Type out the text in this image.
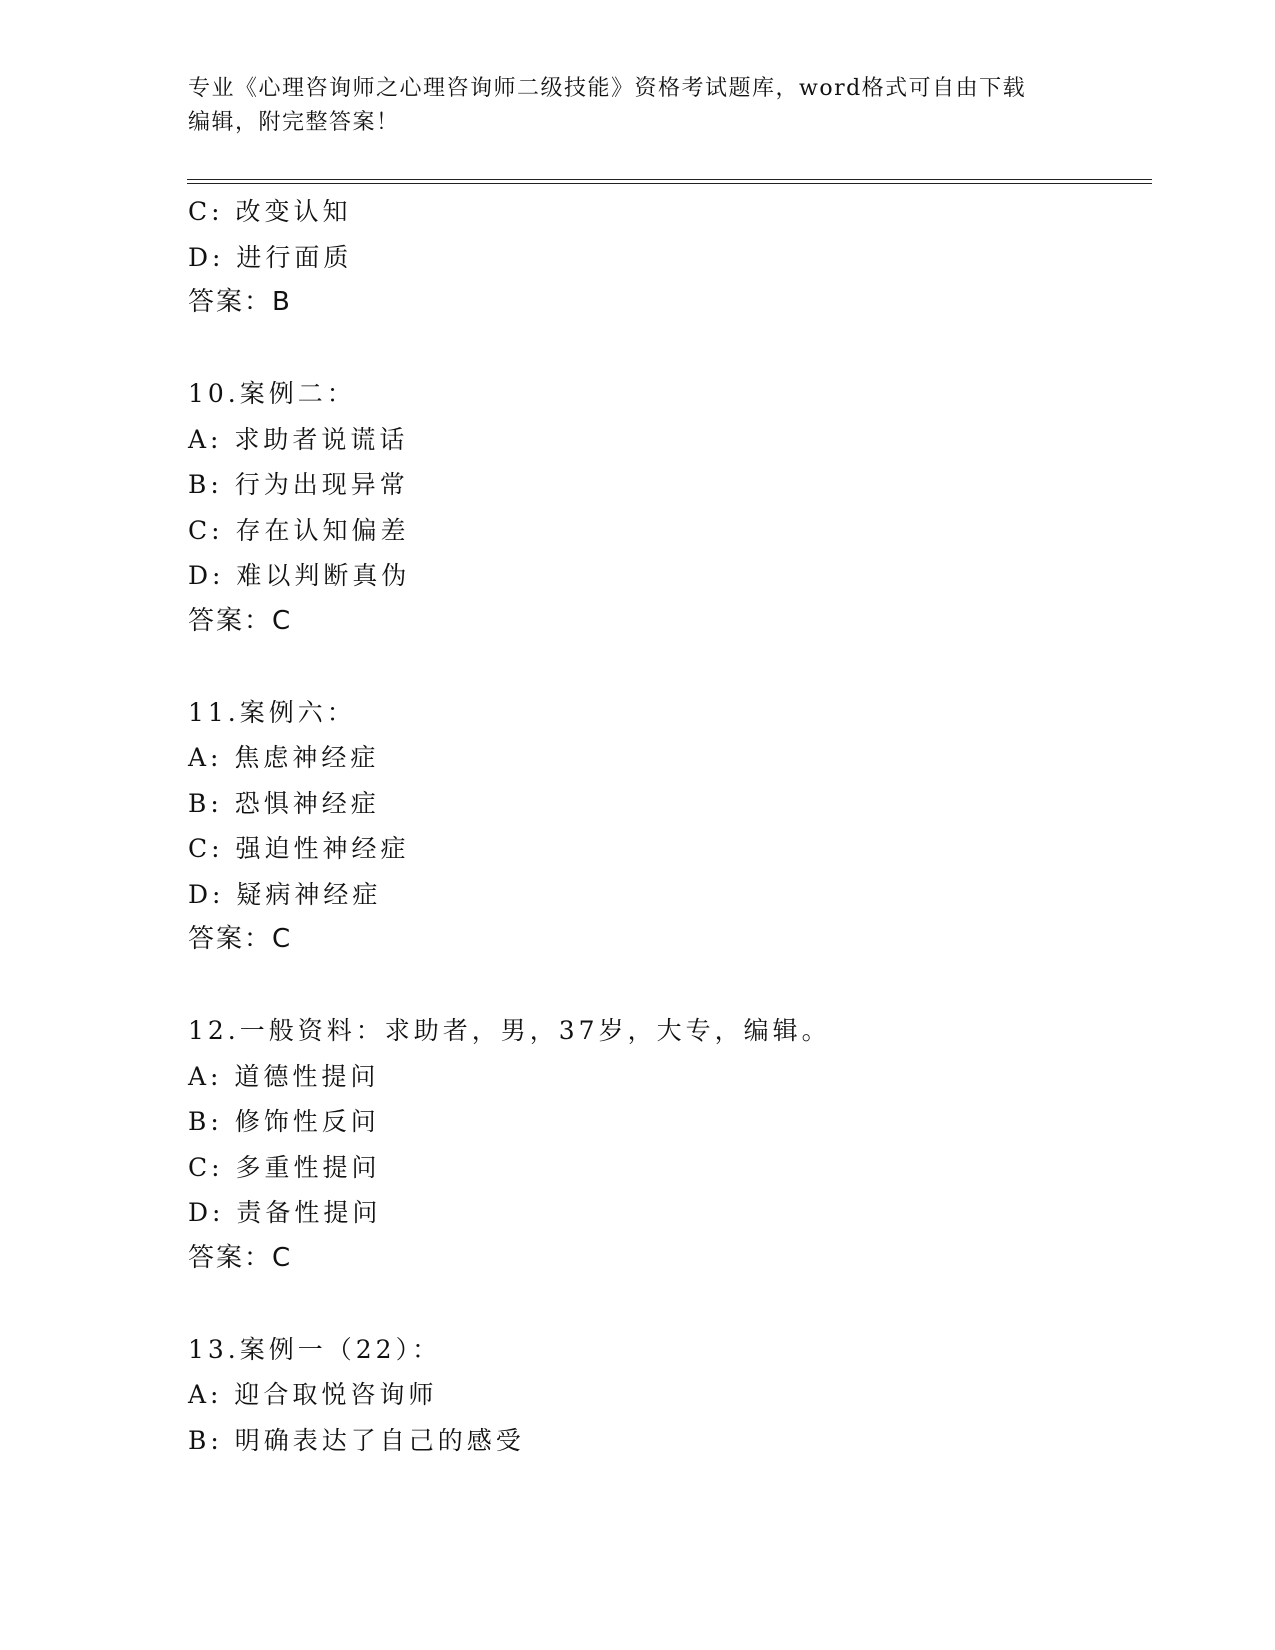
专业《心理咨询师之心理咨询师二级技能》资格考试题库，word格式可自由下载
编辑，附完整答案！
C: 改变认知
D: 进行面质
答案：B
10.案例二：
A: 求助者说谎话
B: 行为出现异常
C: 存在认知偏差
D: 难以判断真伪
答案：C
11.案例六：
A: 焦虑神经症
B: 恐惧神经症
C: 强迫性神经症
D: 疑病神经症
答案：C
12.一般资料：求助者，男，37岁，大专，编辑。
A: 道德性提问
B: 修饰性反问
C: 多重性提问
D: 责备性提问
答案：C
13.案例一（22）：
A: 迎合取悦咨询师
B: 明确表达了自己的感受
